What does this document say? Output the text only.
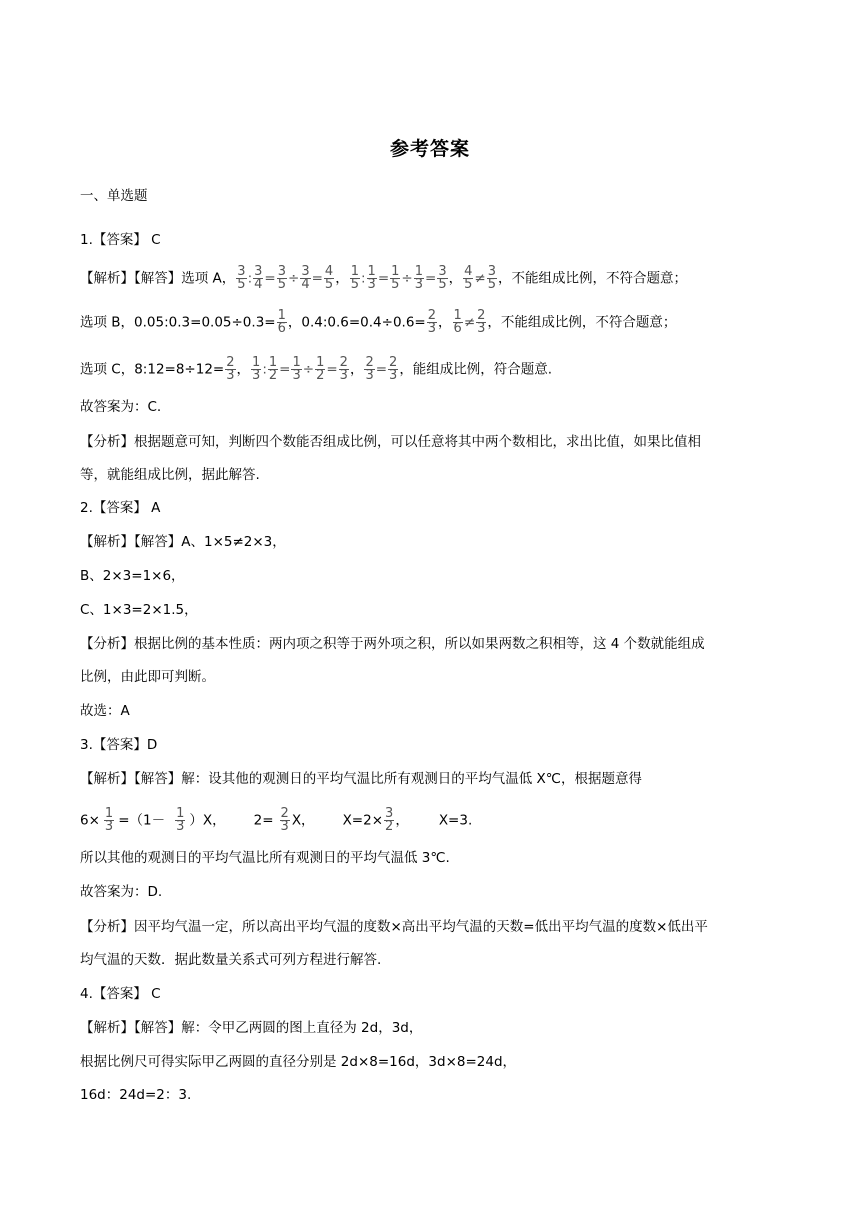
参考答案
一、单选题
1.【答案】 C
【解析】【解答】选项 A， $\frac{3}{5}$ : $\frac{3}{4} = \frac{3}{5} \div \frac{3}{4} = \frac{4}{5}$ ， $\frac{1}{5}$ : $\frac{1}{3} = \frac{1}{5} \div \frac{1}{3} = \frac{3}{5}$ ， $\frac{4}{5} \ne \frac{3}{5}$ ，不能组成比例，不符合题意；
选项 B，0.05:0.3=0.05÷0.3= $\frac{1}{6}$ ，0.4:0.6=0.4÷0.6= $\frac{2}{3}$ ， $\frac{1}{6} \ne \frac{2}{3}$ ，不能组成比例，不符合题意；
选项 C，8:12=8÷12= $\frac{2}{3}$ ， $\frac{1}{3}$ : $\frac{1}{2} = \frac{1}{3} \div \frac{1}{2} = \frac{2}{3}$ ， $\frac{2}{3} = \frac{2}{3}$ ，能组成比例，符合题意.
故答案为：C.
【分析】根据题意可知，判断四个数能否组成比例，可以任意将其中两个数相比，求出比值，如果比值相
等，就能组成比例，据此解答.
2.【答案】 A
【解析】【解答】A、1×5≠2×3，
B、2×3=1×6，
C、1×3=2×1.5，
【分析】根据比例的基本性质：两内项之积等于两外项之积，所以如果两数之积相等，这 4 个数就能组成
比例，由此即可判断。
故选：A
3.【答案】D
【解析】【解答】解：设其他的观测日的平均气温比所有观测日的平均气温低 X℃，根据题意得
$6\times \frac{1}{3} =(1- \frac{1}{3} )X$， $2= \frac{2}{3}$ X， $X=2\times \frac{3}{2}$ ， X=3.
所以其他的观测日的平均气温比所有观测日的平均气温低 3℃.
故答案为：D.
【分析】因平均气温一定，所以高出平均气温的度数×高出平均气温的天数=低出平均气温的度数×低出平
均气温的天数．据此数量关系式可列方程进行解答.
4.【答案】 C
【解析】【解答】解：令甲乙两圆的图上直径为 2d，3d，
根据比例尺可得实际甲乙两圆的直径分别是 2d×8=16d，3d×8=24d，
16d：24d=2：3.
